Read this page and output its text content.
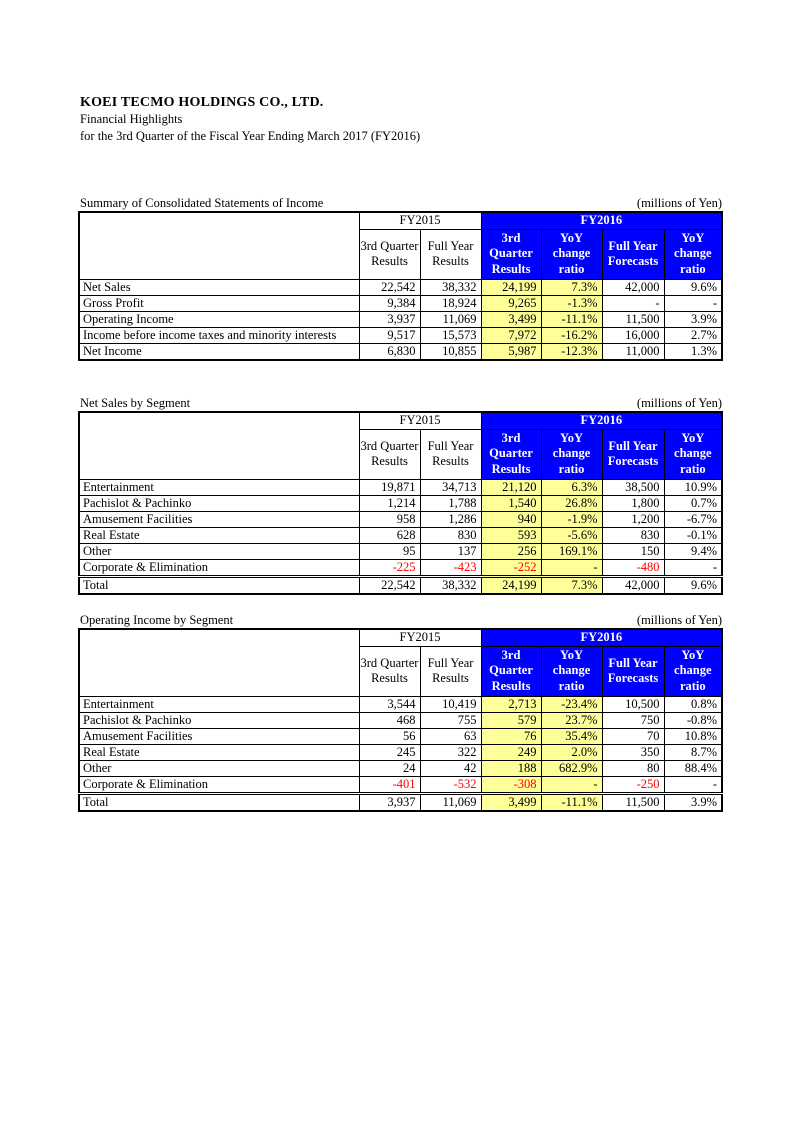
KOEI TECMO HOLDINGS CO., LTD.
Financial Highlights
for the 3rd Quarter of the Fiscal Year Ending March 2017 (FY2016)
Summary of Consolidated Statements of Income	(millions of Yen)
	FY2015		FY2016			
	3rd Quarter Results	Full Year Results	3rd Quarter Results	YoY change ratio	Full Year Forecasts	YoY change ratio
Net Sales	22,542	38,332	24,199	7.3%	42,000	9.6%
Gross Profit	9,384	18,924	9,265	-1.3%	-	-
Operating Income	3,937	11,069	3,499	-11.1%	11,500	3.9%
Income before income taxes and minority interests	9,517	15,573	7,972	-16.2%	16,000	2.7%
Net Income	6,830	10,855	5,987	-12.3%	11,000	1.3%
Net Sales by Segment	(millions of Yen)
	FY2015		FY2016			
	3rd Quarter Results	Full Year Results	3rd Quarter Results	YoY change ratio	Full Year Forecasts	YoY change ratio
Entertainment	19,871	34,713	21,120	6.3%	38,500	10.9%
Pachislot & Pachinko	1,214	1,788	1,540	26.8%	1,800	0.7%
Amusement Facilities	958	1,286	940	-1.9%	1,200	-6.7%
Real Estate	628	830	593	-5.6%	830	-0.1%
Other	95	137	256	169.1%	150	9.4%
Corporate & Elimination	-225	-423	-252	-	-480	-
Total	22,542	38,332	24,199	7.3%	42,000	9.6%
Operating Income by Segment	(millions of Yen)
	FY2015		FY2016			
	3rd Quarter Results	Full Year Results	3rd Quarter Results	YoY change ratio	Full Year Forecasts	YoY change ratio
Entertainment	3,544	10,419	2,713	-23.4%	10,500	0.8%
Pachislot & Pachinko	468	755	579	23.7%	750	-0.8%
Amusement Facilities	56	63	76	35.4%	70	10.8%
Real Estate	245	322	249	2.0%	350	8.7%
Other	24	42	188	682.9%	80	88.4%
Corporate & Elimination	-401	-532	-308	-	-250	-
Total	3,937	11,069	3,499	-11.1%	11,500	3.9%
